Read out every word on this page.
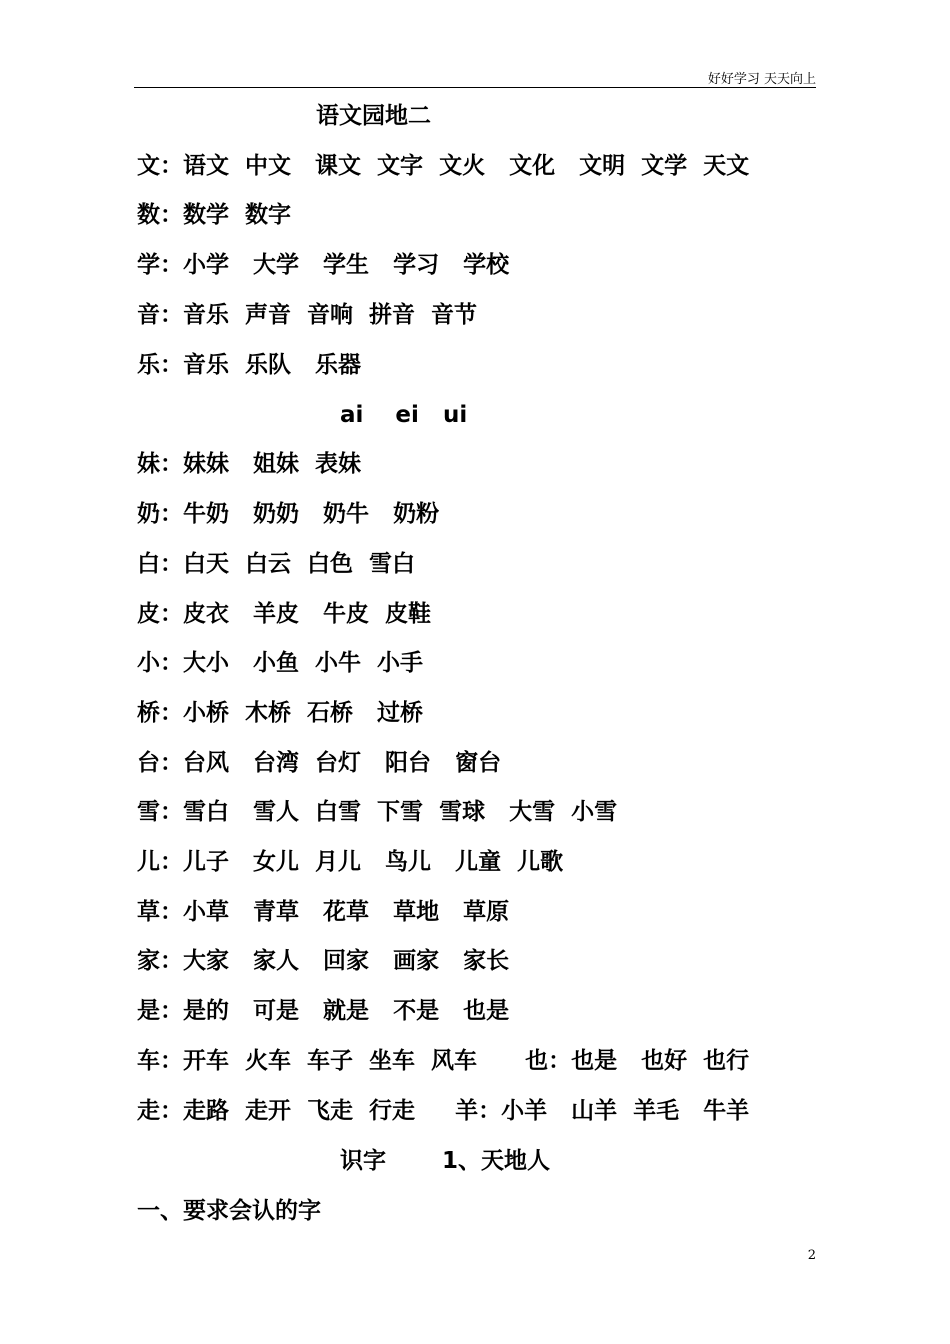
好好学习 天天向上
语文园地二
文：语文  中文   课文  文字  文火   文化   文明  文学  天文
数：数学  数字
学：小学   大学   学生   学习   学校
音：音乐  声音  音响  拼音  音节
乐：音乐  乐队   乐器
ai    ei   ui
妹：妹妹   姐妹  表妹
奶：牛奶   奶奶   奶牛   奶粉
白：白天  白云  白色  雪白
皮：皮衣   羊皮   牛皮  皮鞋
小：大小   小鱼  小牛  小手
桥：小桥  木桥  石桥   过桥
台：台风   台湾  台灯   阳台   窗台
雪：雪白   雪人  白雪  下雪  雪球   大雪  小雪
儿：儿子   女儿  月儿   鸟儿   儿童  儿歌
草：小草   青草   花草   草地   草原
家：大家   家人   回家   画家   家长
是：是的   可是   就是   不是   也是
车：开车  火车  车子  坐车  风车      也：也是   也好  也行
走：走路  走开  飞走  行走     羊：小羊   山羊  羊毛   牛羊
识字       1、天地人
一、要求会认的字
2
